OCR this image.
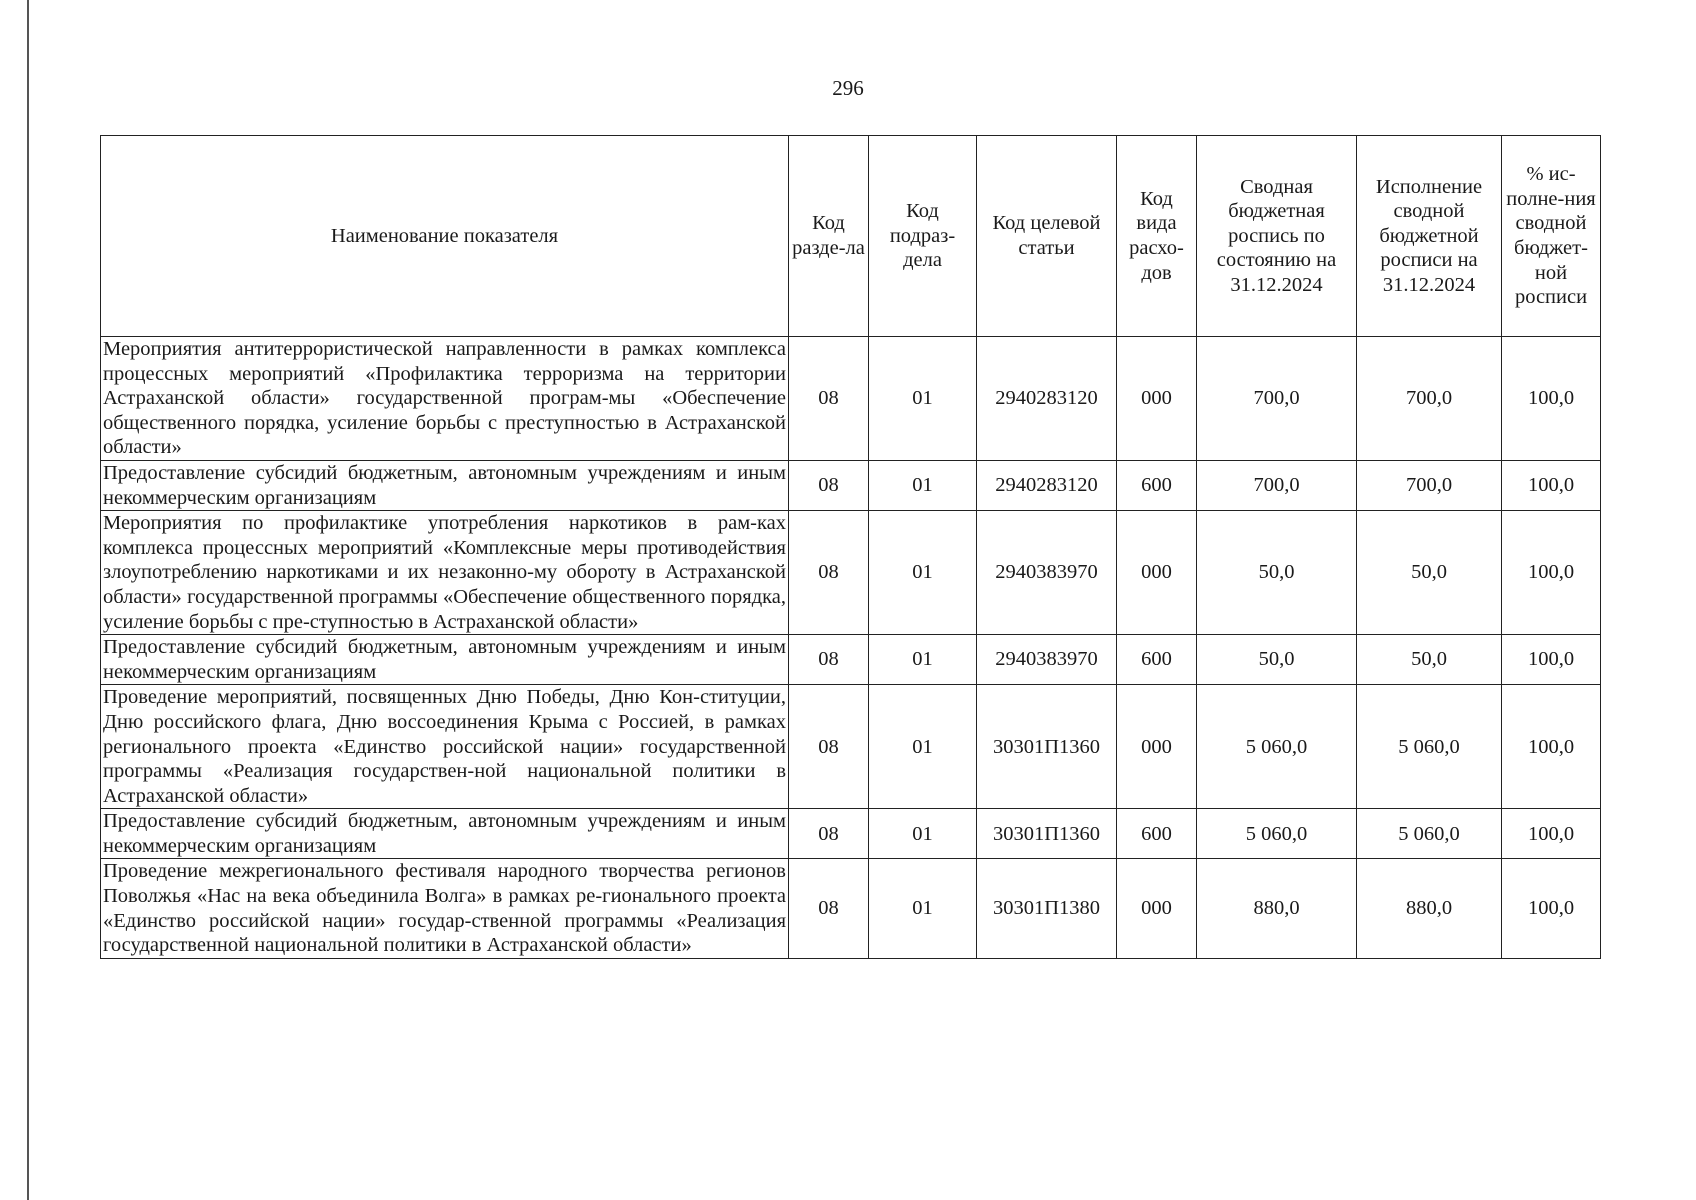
296
Наименование показателя	Код разде-ла	Код подраз-дела	Код целевой статьи	Код вида расхо-дов	Сводная бюджетная роспись по состоянию на 31.12.2024	Исполнение сводной бюджетной росписи на 31.12.2024	% ис-полне-ния сводной бюджет-ной росписи
Мероприятия антитеррористической направленности в рамках комплекса процессных мероприятий «Профилактика терроризма на территории Астраханской области» государственной програм-мы «Обеспечение общественного порядка, усиление борьбы с преступностью в Астраханской области»	08	01	2940283120	000	700,0	700,0	100,0
Предоставление субсидий бюджетным, автономным учреждениям и иным некоммерческим организациям	08	01	2940283120	600	700,0	700,0	100,0
Мероприятия по профилактике употребления наркотиков в рам-ках комплекса процессных мероприятий «Комплексные меры противодействия злоупотреблению наркотиками и их незаконно-му обороту в Астраханской области» государственной программы «Обеспечение общественного порядка, усиление борьбы с пре-ступностью в Астраханской области»	08	01	2940383970	000	50,0	50,0	100,0
Предоставление субсидий бюджетным, автономным учреждениям и иным некоммерческим организациям	08	01	2940383970	600	50,0	50,0	100,0
Проведение мероприятий, посвященных Дню Победы, Дню Кон-ституции, Дню российского флага, Дню воссоединения Крыма с Россией, в рамках регионального проекта «Единство российской нации» государственной программы «Реализация государствен-ной национальной политики в Астраханской области»	08	01	30301П1360	000	5 060,0	5 060,0	100,0
Предоставление субсидий бюджетным, автономным учреждениям и иным некоммерческим организациям	08	01	30301П1360	600	5 060,0	5 060,0	100,0
Проведение межрегионального фестиваля народного творчества регионов Поволжья «Нас на века объединила Волга» в рамках ре-гионального проекта «Единство российской нации» государ-ственной программы «Реализация государственной национальной политики в Астраханской области»	08	01	30301П1380	000	880,0	880,0	100,0
